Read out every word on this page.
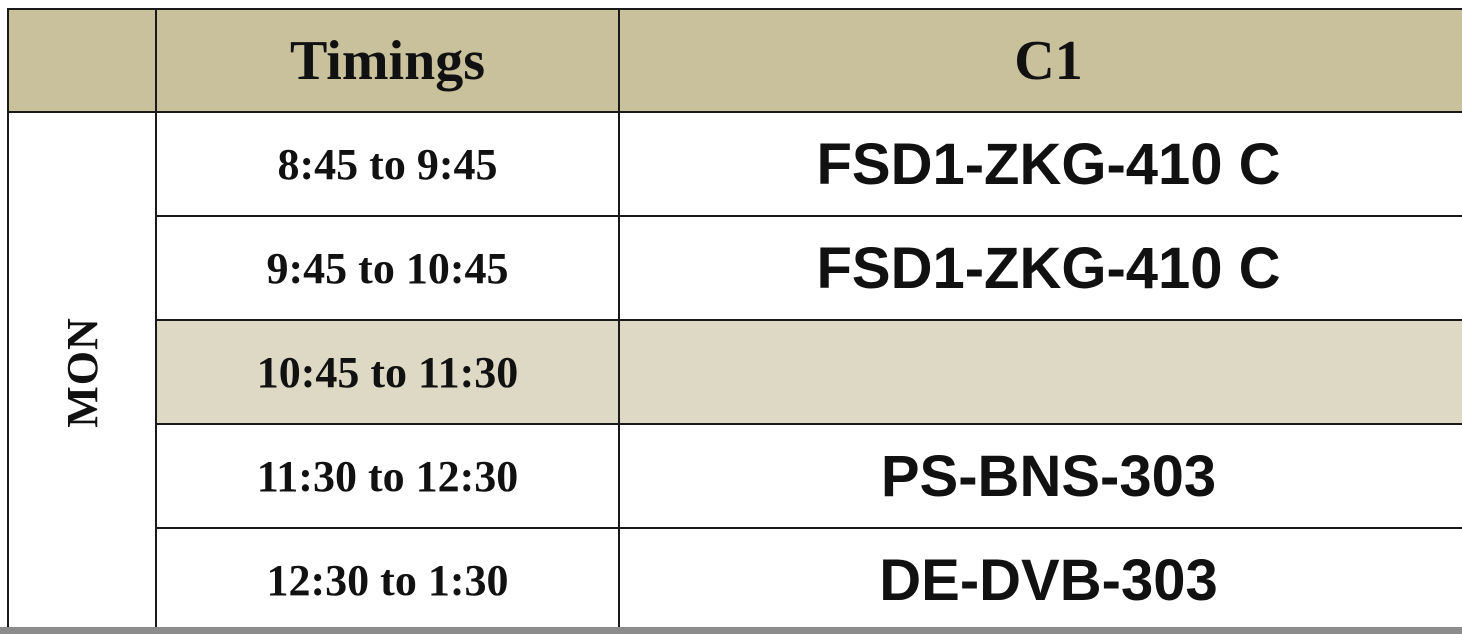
	Timings	C1
MON	8:45 to 9:45	FSD1-ZKG-410 C
	9:45 to 10:45	FSD1-ZKG-410 C
	10:45 to 11:30	
	11:30 to 12:30	PS-BNS-303
	12:30 to 1:30	DE-DVB-303
